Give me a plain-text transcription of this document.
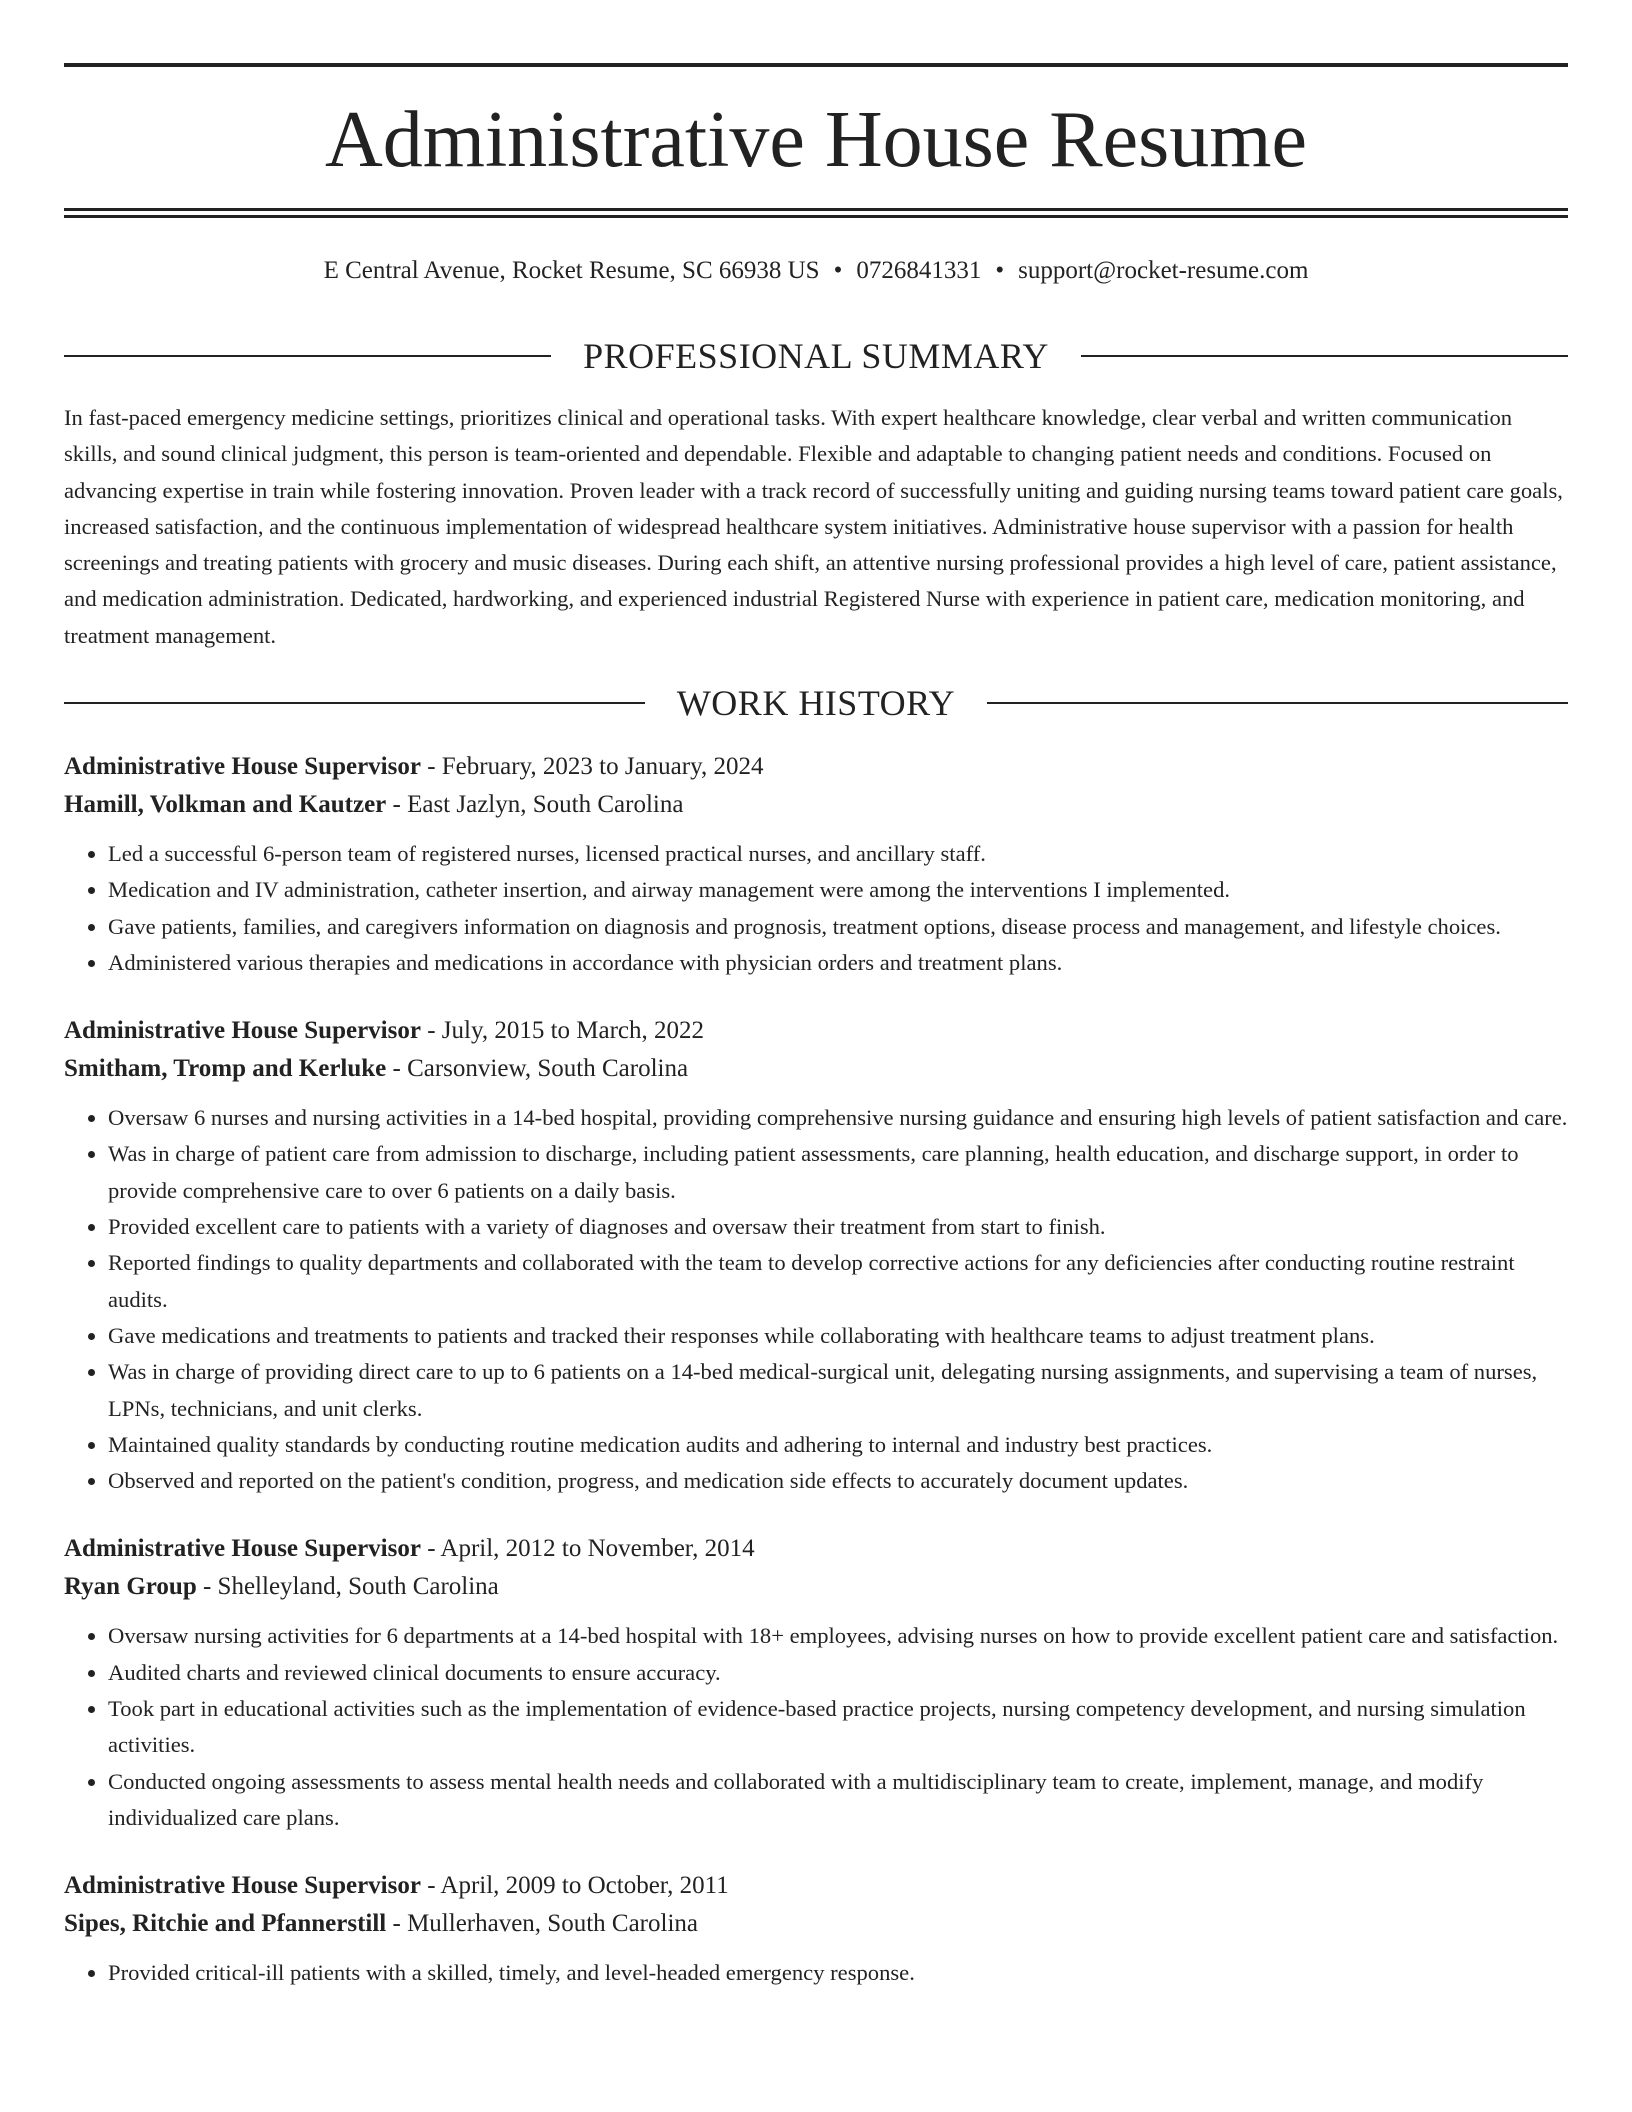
Administrative House Resume
E Central Avenue, Rocket Resume, SC 66938 US • 0726841331 • support@rocket-resume.com
PROFESSIONAL SUMMARY

In fast-paced emergency medicine settings, prioritizes clinical and operational tasks. With expert healthcare knowledge, clear verbal and written communication skills, and sound clinical judgment, this person is team-oriented and dependable. Flexible and adaptable to changing patient needs and conditions. Focused on advancing expertise in train while fostering innovation. Proven leader with a track record of successfully uniting and guiding nursing teams toward patient care goals, increased satisfaction, and the continuous implementation of widespread healthcare system initiatives. Administrative house supervisor with a passion for health screenings and treating patients with grocery and music diseases. During each shift, an attentive nursing professional provides a high level of care, patient assistance, and medication administration. Dedicated, hardworking, and experienced industrial Registered Nurse with experience in patient care, medication monitoring, and treatment management.

WORK HISTORY

Administrative House Supervisor - February, 2023 to January, 2024

Hamill, Volkman and Kautzer - East Jazlyn, South Carolina

• Led a successful 6-person team of registered nurses, licensed practical nurses, and ancillary staff.
• Medication and IV administration, catheter insertion, and airway management were among the interventions I implemented.
• Gave patients, families, and caregivers information on diagnosis and prognosis, treatment options, disease process and management, and lifestyle choices.
• Administered various therapies and medications in accordance with physician orders and treatment plans.

Administrative House Supervisor - July, 2015 to March, 2022

Smitham, Tromp and Kerluke - Carsonview, South Carolina

• Oversaw 6 nurses and nursing activities in a 14-bed hospital, providing comprehensive nursing guidance and ensuring high levels of patient satisfaction and care.
• Was in charge of patient care from admission to discharge, including patient assessments, care planning, health education, and discharge support, in order to provide comprehensive care to over 6 patients on a daily basis.
• Provided excellent care to patients with a variety of diagnoses and oversaw their treatment from start to finish.
• Reported findings to quality departments and collaborated with the team to develop corrective actions for any deficiencies after conducting routine restraint audits.
• Gave medications and treatments to patients and tracked their responses while collaborating with healthcare teams to adjust treatment plans.
• Was in charge of providing direct care to up to 6 patients on a 14-bed medical-surgical unit, delegating nursing assignments, and supervising a team of nurses, LPNs, technicians, and unit clerks.
• Maintained quality standards by conducting routine medication audits and adhering to internal and industry best practices.
• Observed and reported on the patient's condition, progress, and medication side effects to accurately document updates.

Administrative House Supervisor - April, 2012 to November, 2014

Ryan Group - Shelleyland, South Carolina

• Oversaw nursing activities for 6 departments at a 14-bed hospital with 18+ employees, advising nurses on how to provide excellent patient care and satisfaction.
• Audited charts and reviewed clinical documents to ensure accuracy.
• Took part in educational activities such as the implementation of evidence-based practice projects, nursing competency development, and nursing simulation activities.
• Conducted ongoing assessments to assess mental health needs and collaborated with a multidisciplinary team to create, implement, manage, and modify individualized care plans.

Administrative House Supervisor - April, 2009 to October, 2011

Sipes, Ritchie and Pfannerstill - Mullerhaven, South Carolina

• Provided critical-ill patients with a skilled, timely, and level-headed emergency response.
